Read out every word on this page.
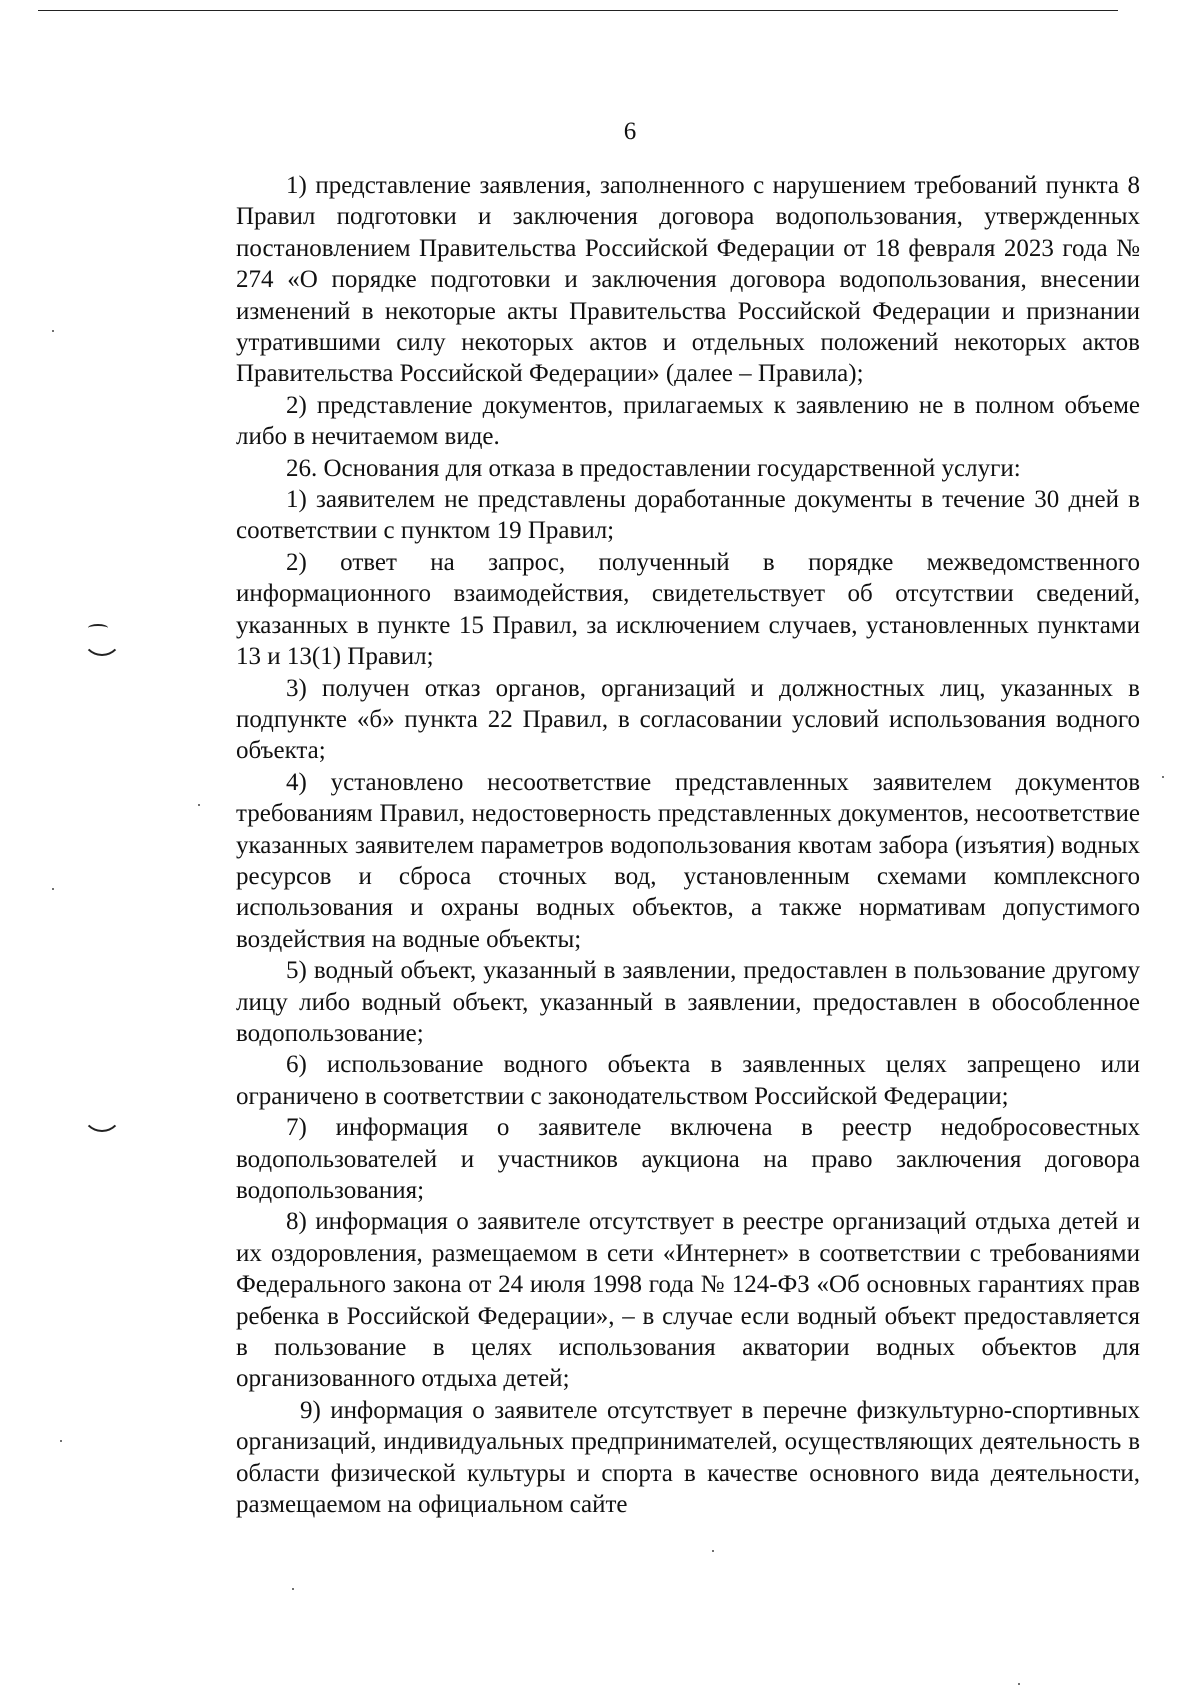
6

1) представление заявления, заполненного с нарушением требований пункта 8 Правил подготовки и заключения договора водопользования, утвержденных постановлением Правительства Российской Федерации от 18 февраля 2023 года № 274 «О порядке подготовки и заключения договора водопользования, внесении изменений в некоторые акты Правительства Российской Федерации и признании утратившими силу некоторых актов и отдельных положений некоторых актов Правительства Российской Федерации» (далее – Правила);

2) представление документов, прилагаемых к заявлению не в полном объеме либо в нечитаемом виде.

26. Основания для отказа в предоставлении государственной услуги:

1) заявителем не представлены доработанные документы в течение 30 дней в соответствии с пунктом 19 Правил;

2) ответ на запрос, полученный в порядке межведомственного информационного взаимодействия, свидетельствует об отсутствии сведений, указанных в пункте 15 Правил, за исключением случаев, установленных пунктами 13 и 13(1) Правил;

3) получен отказ органов, организаций и должностных лиц, указанных в подпункте «б» пункта 22 Правил, в согласовании условий использования водного объекта;

4) установлено несоответствие представленных заявителем документов требованиям Правил, недостоверность представленных документов, несоответствие указанных заявителем параметров водопользования квотам забора (изъятия) водных ресурсов и сброса сточных вод, установленным схемами комплексного использования и охраны водных объектов, а также нормативам допустимого воздействия на водные объекты;

5) водный объект, указанный в заявлении, предоставлен в пользование другому лицу либо водный объект, указанный в заявлении, предоставлен в обособленное водопользование;

6) использование водного объекта в заявленных целях запрещено или ограничено в соответствии с законодательством Российской Федерации;

7) информация о заявителе включена в реестр недобросовестных водопользователей и участников аукциона на право заключения договора водопользования;

8) информация о заявителе отсутствует в реестре организаций отдыха детей и их оздоровления, размещаемом в сети «Интернет» в соответствии с требованиями Федерального закона от 24 июля 1998 года № 124-ФЗ «Об основных гарантиях прав ребенка в Российской Федерации», – в случае если водный объект предоставляется в пользование в целях использования акватории водных объектов для организованного отдыха детей;

9) информация о заявителе отсутствует в перечне физкультурно-спортивных организаций, индивидуальных предпринимателей, осуществляющих деятельность в области физической культуры и спорта в качестве основного вида деятельности, размещаемом на официальном сайте
